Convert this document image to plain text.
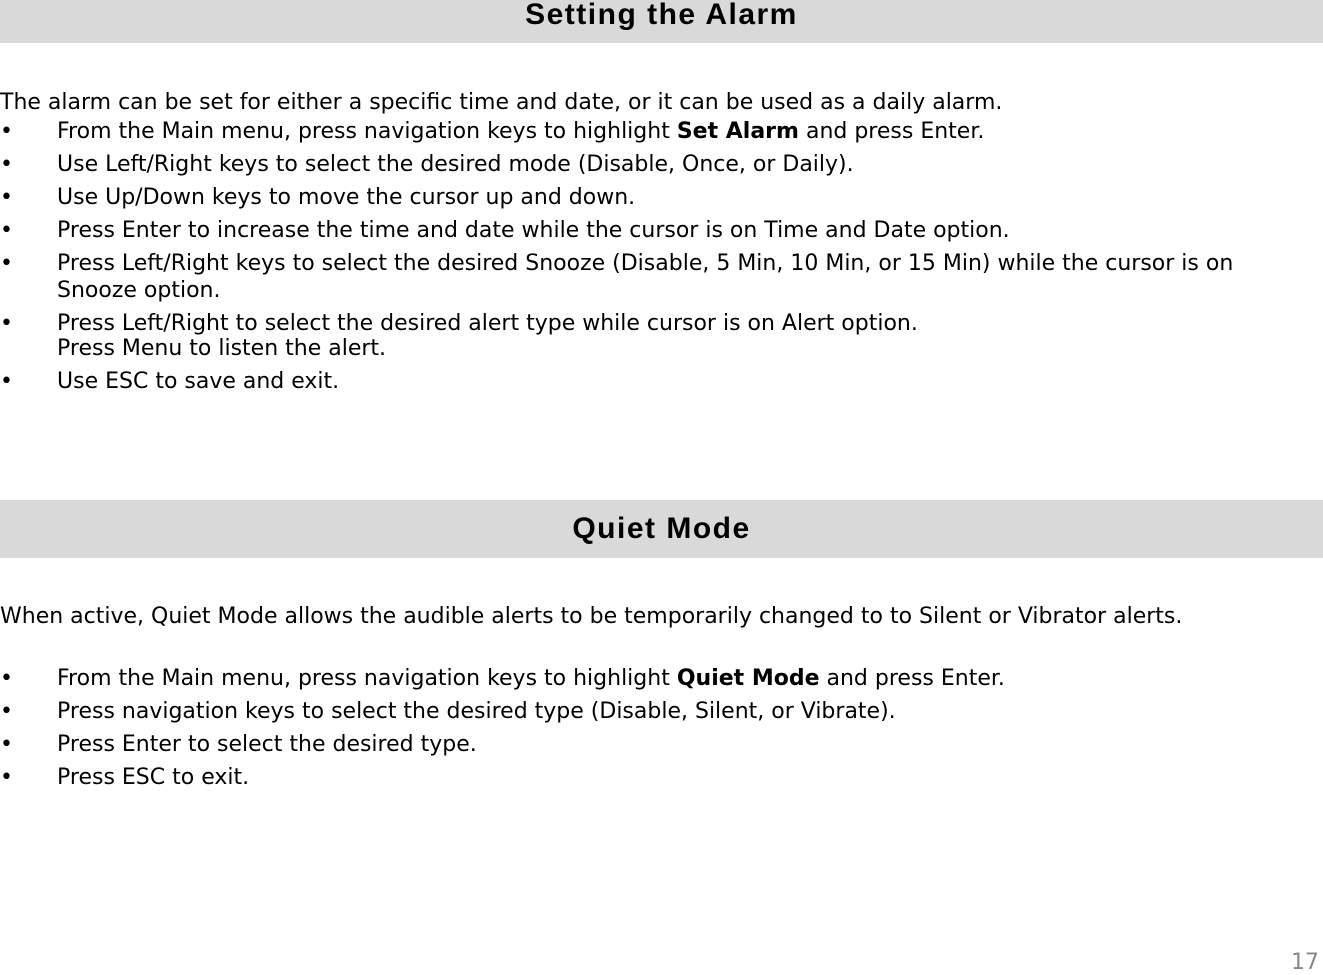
Setting the Alarm

The alarm can be set for either a specific time and date, or it can be used as a daily alarm.

• From the Main menu, press navigation keys to highlight Set Alarm and press Enter.
• Use Left/Right keys to select the desired mode (Disable, Once, or Daily).
• Use Up/Down keys to move the cursor up and down.
• Press Enter to increase the time and date while the cursor is on Time and Date option.
• Press Left/Right keys to select the desired Snooze (Disable, 5 Min, 10 Min, or 15 Min) while the cursor is on Snooze option.
• Press Left/Right to select the desired alert type while cursor is on Alert option.
Press Menu to listen the alert.
• Use ESC to save and exit.
Quiet Mode

When active, Quiet Mode allows the audible alerts to be temporarily changed to to Silent or Vibrator alerts.

• From the Main menu, press navigation keys to highlight Quiet Mode and press Enter.
• Press navigation keys to select the desired type (Disable, Silent, or Vibrate).
• Press Enter to select the desired type.
• Press ESC to exit.
17
